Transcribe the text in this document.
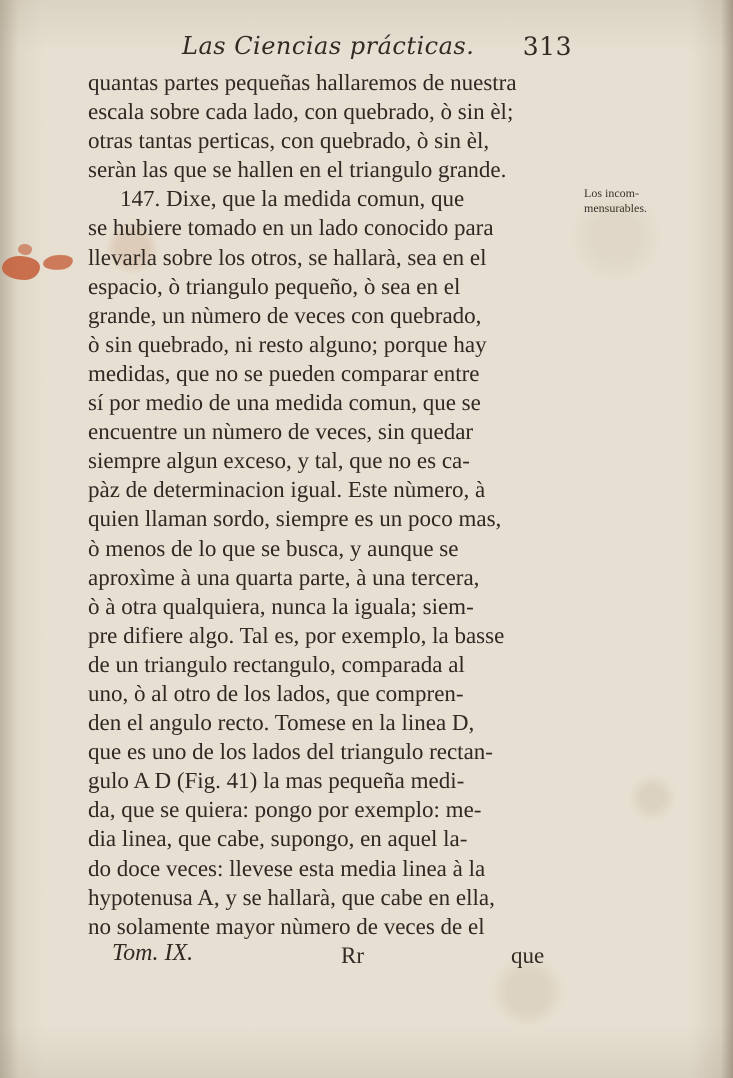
Las Ciencias prácticas. 313
Los incom-
mensurables.
quantas partes pequeñas hallaremos de nuestra
escala sobre cada lado, con quebrado, ò sin èl;
otras tantas perticas, con quebrado, ò sin èl,
seràn las que se hallen en el triangulo grande.
147. Dixe, que la medida comun, que
se hubiere tomado en un lado conocido para
llevarla sobre los otros, se hallarà, sea en el
espacio, ò triangulo pequeño, ò sea en el
grande, un nùmero de veces con quebrado,
ò sin quebrado, ni resto alguno; porque hay
medidas, que no se pueden comparar entre
sí por medio de una medida comun, que se
encuentre un nùmero de veces, sin quedar
siempre algun exceso, y tal, que no es ca-
pàz de determinacion igual. Este nùmero, à
quien llaman sordo, siempre es un poco mas,
ò menos de lo que se busca, y aunque se
aproxìme à una quarta parte, à una tercera,
ò à otra qualquiera, nunca la iguala; siem-
pre difiere algo. Tal es, por exemplo, la basse
de un triangulo rectangulo, comparada al
uno, ò al otro de los lados, que compren-
den el angulo recto. Tomese en la linea D,
que es uno de los lados del triangulo rectan-
gulo A D (Fig. 41) la mas pequeña medi-
da, que se quiera: pongo por exemplo: me-
dia linea, que cabe, supongo, en aquel la-
do doce veces: llevese esta media linea à la
hypotenusa A, y se hallarà, que cabe en ella,
no solamente mayor nùmero de veces de el
Tom. IX.	Rr	que
